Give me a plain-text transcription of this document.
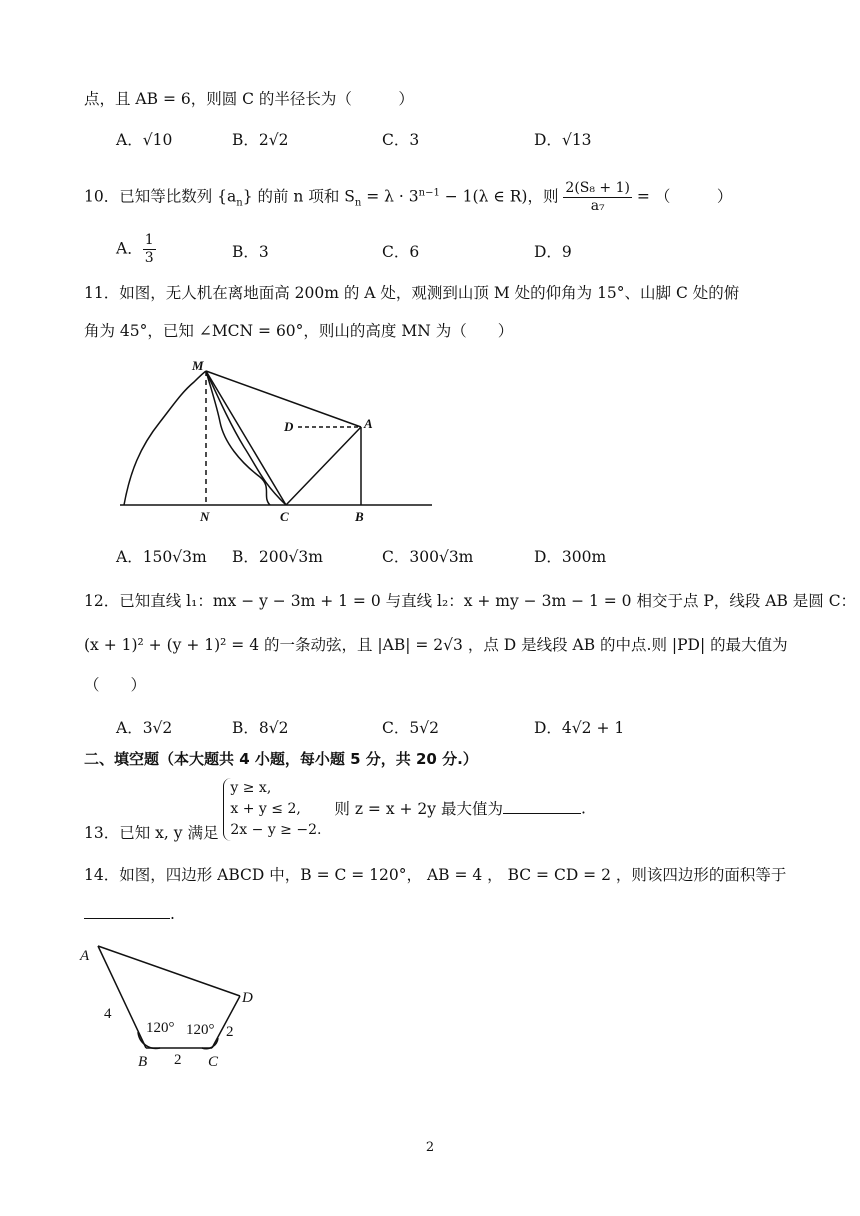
点，且 AB = 6，则圆 C 的半径长为（　　　）
A．√10	B．2√2	C．3	D．√13
10．已知等比数列 $\{a_n\}$ 的前 n 项和 $S_n = \lambda \cdot 3^{n-1} - 1(\lambda$ ∈ R)，则 $\frac{\text{2(S₈ + 1)}}{\text{a₇}}$ = （　　　）
A． $\frac{1}{3}$	B．3	C．6	D．9
11．如图，无人机在离地面高 200m 的 A 处，观测到山顶 M 处的仰角为 15°、山脚 C 处的俯
角为 45°，已知 ∠MCN = 60°，则山的高度 MN 为（　　）
M
D	A
N	C	B
A．150√3m B．200√3m	C．300√3m	D．300m
12．已知直线 l₁：mx − y − 3m + 1 = 0 与直线 l₂：x + my − 3m − 1 = 0 相交于点 P，线段 AB 是圆 C：
(x + 1)² + (y + 1)² = 4 的一条动弦，且 |AB| = 2√3 ，点 D 是线段 AB 的中点.则 |PD| 的最大值为
（　　）
A．3√2	B．8√2	C．5√2	D．4√2 + 1
二、填空题（本大题共 4 小题，每小题 5 分，共 20 分.）
13．已知 x, y 满足
y ≥ x,
x + y ≤ 2,
2x − y ≥ −2.
则 z = x + 2y 最大值为	.
14．如图，四边形 ABCD 中，B = C = 120°， AB = 4 ， BC = CD = 2 ，则该四边形的面积等于
.
A
D
4
120° 120° 2
B 2 C
2
